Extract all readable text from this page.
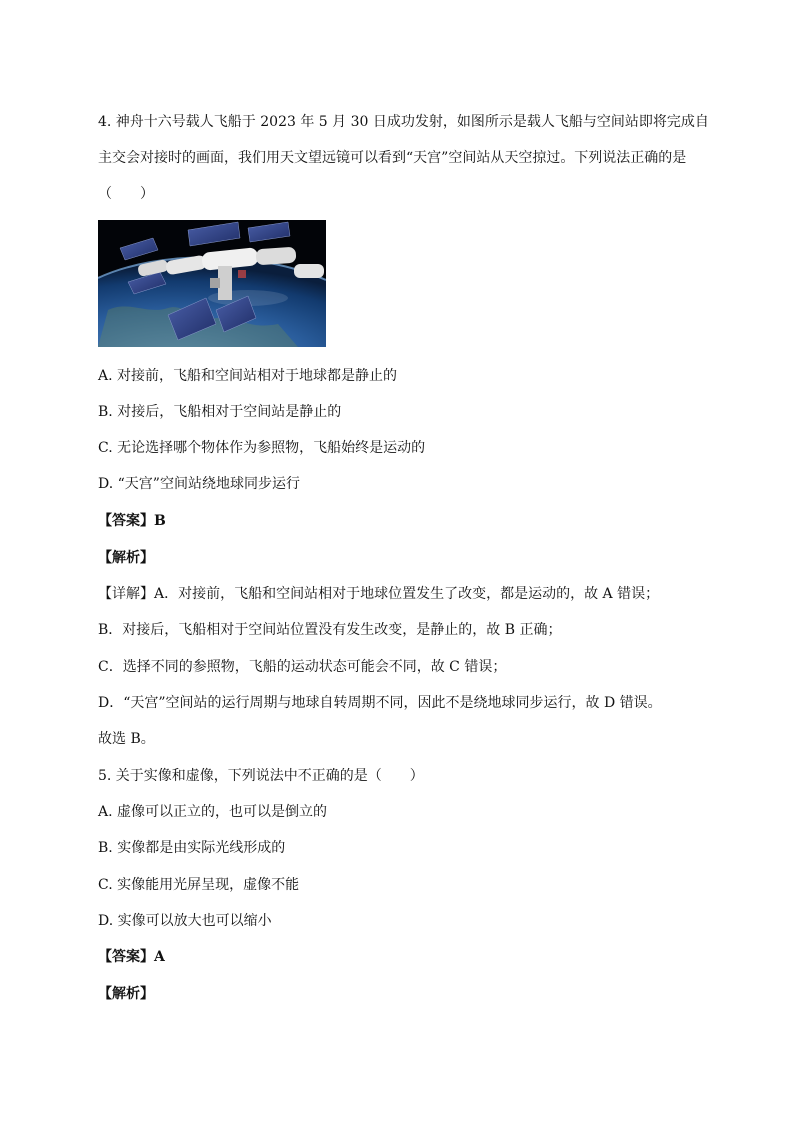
4. 神舟十六号载人飞船于 2023 年 5 月 30 日成功发射，如图所示是载人飞船与空间站即将完成自
主交会对接时的画面，我们用天文望远镜可以看到“天宫”空间站从天空掠过。下列说法正确的是
（　　）
A. 对接前，飞船和空间站相对于地球都是静止的
B. 对接后，飞船相对于空间站是静止的
C. 无论选择哪个物体作为参照物，飞船始终是运动的
D. “天宫”空间站绕地球同步运行
【答案】B
【解析】
【详解】A．对接前，飞船和空间站相对于地球位置发生了改变，都是运动的，故 A 错误；
B．对接后，飞船相对于空间站位置没有发生改变，是静止的，故 B 正确；
C．选择不同的参照物，飞船的运动状态可能会不同，故 C 错误；
D．“天宫”空间站的运行周期与地球自转周期不同，因此不是绕地球同步运行，故 D 错误。
故选 B。
5. 关于实像和虚像，下列说法中不正确的是（　　）
A. 虚像可以正立的，也可以是倒立的
B. 实像都是由实际光线形成的
C. 实像能用光屏呈现，虚像不能
D. 实像可以放大也可以缩小
【答案】A
【解析】
